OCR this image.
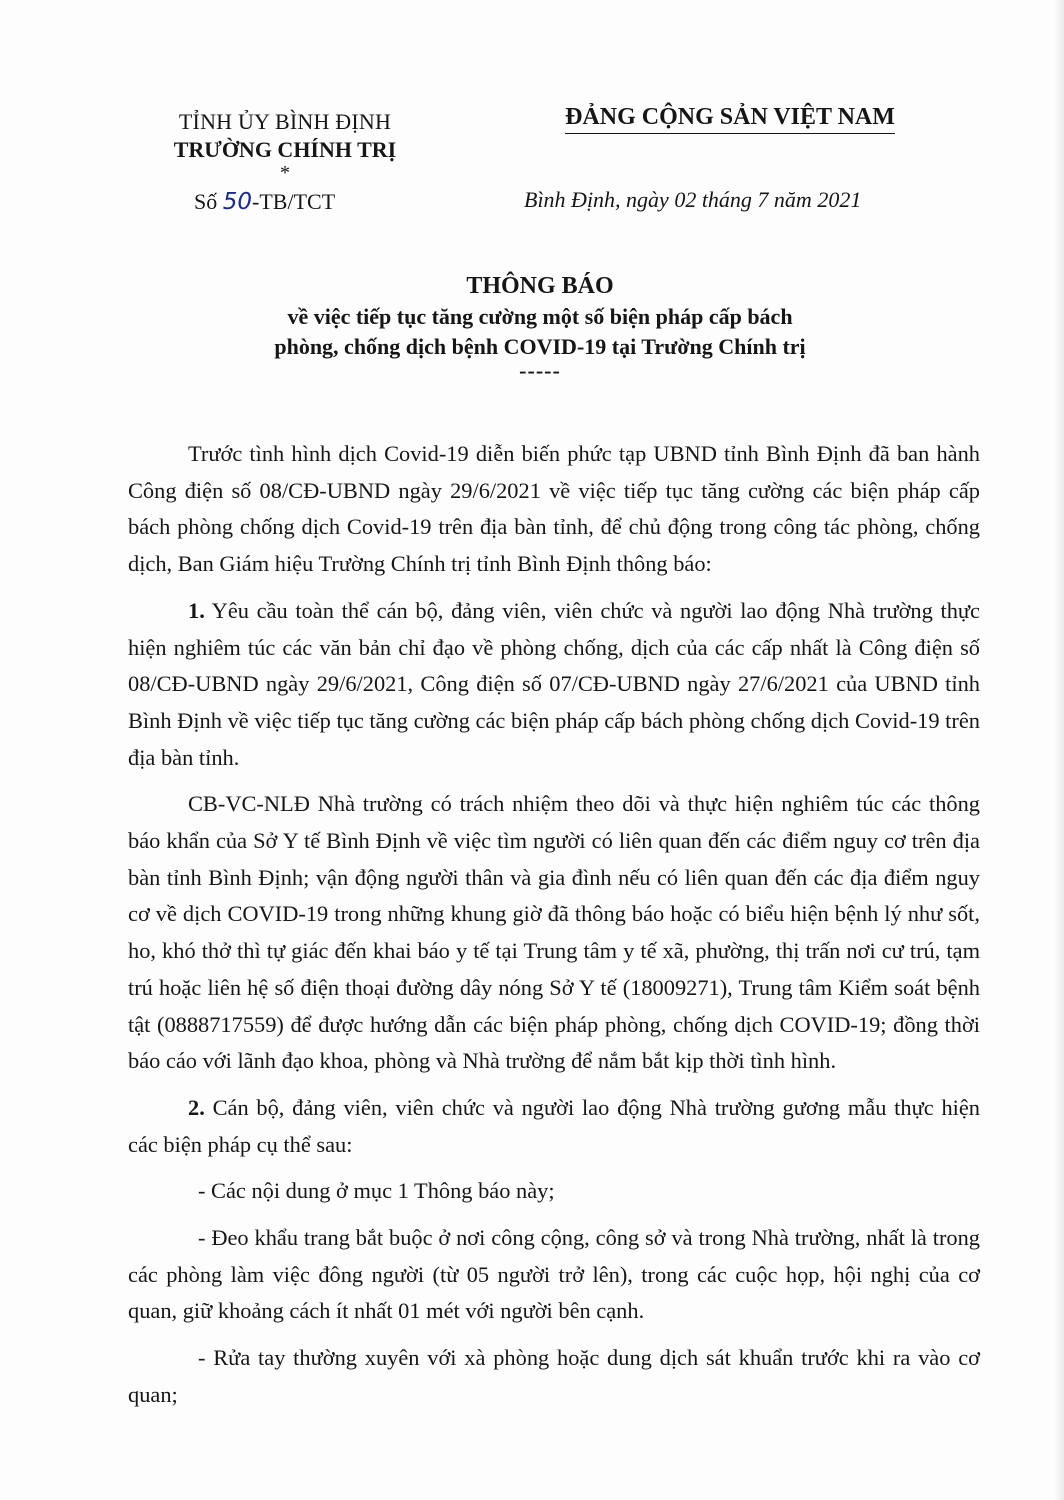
TỈNH ỦY BÌNH ĐỊNH
TRƯỜNG CHÍNH TRỊ
*
Số 50-TB/TCT
ĐẢNG CỘNG SẢN VIỆT NAM
Bình Định, ngày 02 tháng 7 năm 2021
THÔNG BÁO
về việc tiếp tục tăng cường một số biện pháp cấp bách
phòng, chống dịch bệnh COVID-19 tại Trường Chính trị
-----

Trước tình hình dịch Covid-19 diễn biến phức tạp UBND tỉnh Bình Định đã ban hành Công điện số 08/CĐ-UBND ngày 29/6/2021 về việc tiếp tục tăng cường các biện pháp cấp bách phòng chống dịch Covid-19 trên địa bàn tỉnh, để chủ động trong công tác phòng, chống dịch, Ban Giám hiệu Trường Chính trị tỉnh Bình Định thông báo:

1. Yêu cầu toàn thể cán bộ, đảng viên, viên chức và người lao động Nhà trường thực hiện nghiêm túc các văn bản chỉ đạo về phòng chống, dịch của các cấp nhất là Công điện số 08/CĐ-UBND ngày 29/6/2021, Công điện số 07/CĐ-UBND ngày 27/6/2021 của UBND tỉnh Bình Định về việc tiếp tục tăng cường các biện pháp cấp bách phòng chống dịch Covid-19 trên địa bàn tỉnh.

CB-VC-NLĐ Nhà trường có trách nhiệm theo dõi và thực hiện nghiêm túc các thông báo khẩn của Sở Y tế Bình Định về việc tìm người có liên quan đến các điểm nguy cơ trên địa bàn tỉnh Bình Định; vận động người thân và gia đình nếu có liên quan đến các địa điểm nguy cơ về dịch COVID-19 trong những khung giờ đã thông báo hoặc có biểu hiện bệnh lý như sốt, ho, khó thở thì tự giác đến khai báo y tế tại Trung tâm y tế xã, phường, thị trấn nơi cư trú, tạm trú hoặc liên hệ số điện thoại đường dây nóng Sở Y tế (18009271), Trung tâm Kiểm soát bệnh tật (0888717559) để được hướng dẫn các biện pháp phòng, chống dịch COVID-19; đồng thời báo cáo với lãnh đạo khoa, phòng và Nhà trường để nắm bắt kịp thời tình hình.

2. Cán bộ, đảng viên, viên chức và người lao động Nhà trường gương mẫu thực hiện các biện pháp cụ thể sau:

- Các nội dung ở mục 1 Thông báo này;

- Đeo khẩu trang bắt buộc ở nơi công cộng, công sở và trong Nhà trường, nhất là trong các phòng làm việc đông người (từ 05 người trở lên), trong các cuộc họp, hội nghị của cơ quan, giữ khoảng cách ít nhất 01 mét với người bên cạnh.

- Rửa tay thường xuyên với xà phòng hoặc dung dịch sát khuẩn trước khi ra vào cơ quan;
